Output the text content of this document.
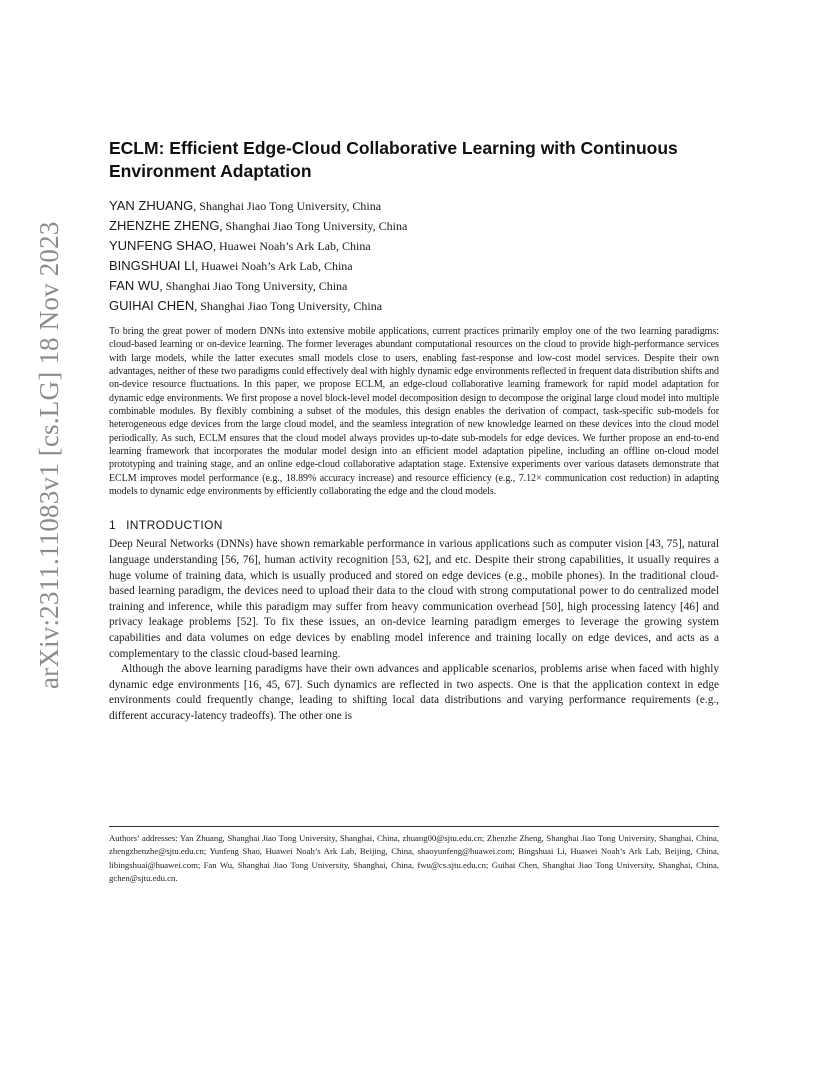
arXiv:2311.11083v1 [cs.LG] 18 Nov 2023
ECLM: Efficient Edge-Cloud Collaborative Learning with Continuous Environment Adaptation
YAN ZHUANG, Shanghai Jiao Tong University, China
ZHENZHE ZHENG, Shanghai Jiao Tong University, China
YUNFENG SHAO, Huawei Noah’s Ark Lab, China
BINGSHUAI LI, Huawei Noah’s Ark Lab, China
FAN WU, Shanghai Jiao Tong University, China
GUIHAI CHEN, Shanghai Jiao Tong University, China
To bring the great power of modern DNNs into extensive mobile applications, current practices primarily employ one of the two learning paradigms: cloud-based learning or on-device learning. The former leverages abundant computational resources on the cloud to provide high-performance services with large models, while the latter executes small models close to users, enabling fast-response and low-cost model services. Despite their own advantages, neither of these two paradigms could effectively deal with highly dynamic edge environments reflected in frequent data distribution shifts and on-device resource fluctuations. In this paper, we propose ECLM, an edge-cloud collaborative learning framework for rapid model adaptation for dynamic edge environments. We first propose a novel block-level model decomposition design to decompose the original large cloud model into multiple combinable modules. By flexibly combining a subset of the modules, this design enables the derivation of compact, task-specific sub-models for heterogeneous edge devices from the large cloud model, and the seamless integration of new knowledge learned on these devices into the cloud model periodically. As such, ECLM ensures that the cloud model always provides up-to-date sub-models for edge devices. We further propose an end-to-end learning framework that incorporates the modular model design into an efficient model adaptation pipeline, including an offline on-cloud model prototyping and training stage, and an online edge-cloud collaborative adaptation stage. Extensive experiments over various datasets demonstrate that ECLM improves model performance (e.g., 18.89% accuracy increase) and resource efficiency (e.g., 7.12× communication cost reduction) in adapting models to dynamic edge environments by efficiently collaborating the edge and the cloud models.
1 INTRODUCTION

Deep Neural Networks (DNNs) have shown remarkable performance in various applications such as computer vision [43, 75], natural language understanding [56, 76], human activity recognition [53, 62], and etc. Despite their strong capabilities, it usually requires a huge volume of training data, which is usually produced and stored on edge devices (e.g., mobile phones). In the traditional cloud-based learning paradigm, the devices need to upload their data to the cloud with strong computational power to do centralized model training and inference, while this paradigm may suffer from heavy communication overhead [50], high processing latency [46] and privacy leakage problems [52]. To fix these issues, an on-device learning paradigm emerges to leverage the growing system capabilities and data volumes on edge devices by enabling model inference and training locally on edge devices, and acts as a complementary to the classic cloud-based learning.

Although the above learning paradigms have their own advances and applicable scenarios, problems arise when faced with highly dynamic edge environments [16, 45, 67]. Such dynamics are reflected in two aspects. One is that the application context in edge environments could frequently change, leading to shifting local data distributions and varying performance requirements (e.g., different accuracy-latency tradeoffs). The other one is

Authors’ addresses: Yan Zhuang, Shanghai Jiao Tong University, Shanghai, China, zhuang00@sjtu.edu.cn; Zhenzhe Zheng, Shanghai Jiao Tong University, Shanghai, China, zhengzhenzhe@sjtu.edu.cn; Yunfeng Shao, Huawei Noah’s Ark Lab, Beijing, China, shaoyunfeng@huawei.com; Bingshuai Li, Huawei Noah’s Ark Lab, Beijing, China, libingshuai@huawei.com; Fan Wu, Shanghai Jiao Tong University, Shanghai, China, fwu@cs.sjtu.edu.cn; Guihai Chen, Shanghai Jiao Tong University, Shanghai, China, gchen@sjtu.edu.cn.
